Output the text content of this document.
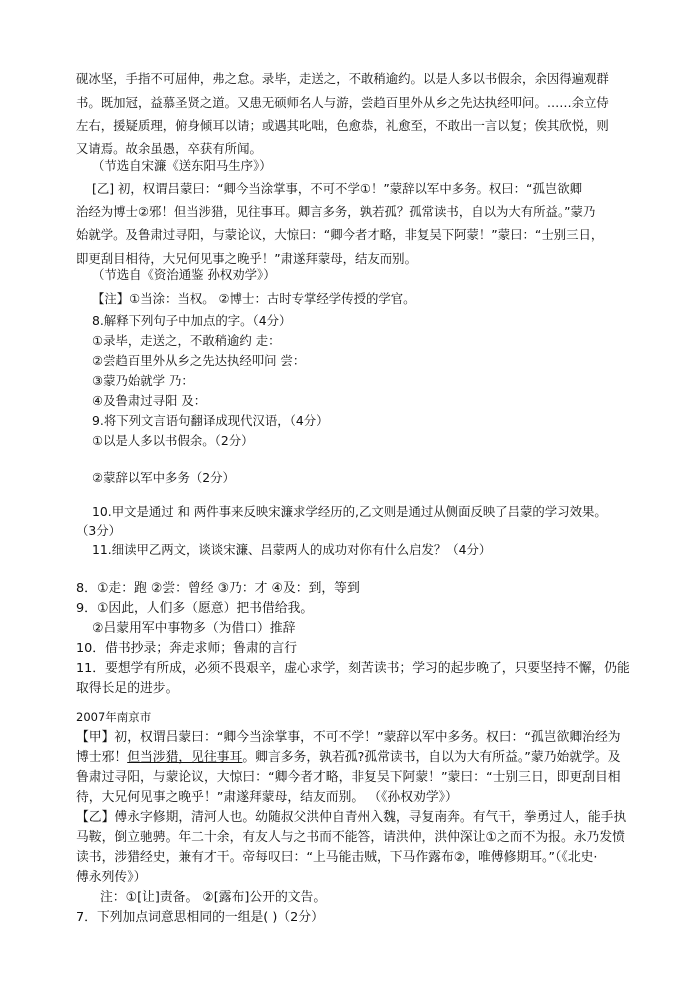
砚冰坚，手指不可屈伸，弗之怠。录毕，走送之，不敢稍逾约。以是人多以书假余，余因得遍观群
书。既加冠，益慕圣贤之道。又患无硕师名人与游，尝趋百里外从乡之先达执经叩问。……余立侍
左右，援疑质理，俯身倾耳以请；或遇其叱咄，色愈恭，礼愈至，不敢出一言以复；俟其欣悦，则
又请焉。故余虽愚，卒获有所闻。
（节选自宋濂《送东阳马生序》）
[乙] 初，权谓吕蒙曰：“卿今当涂掌事，不可不学①！”蒙辞以军中多务。权曰：“孤岂欲卿
治经为博士②邪！但当涉猎，见往事耳。卿言多务，孰若孤？孤常读书，自以为大有所益。”蒙乃
始就学。及鲁肃过寻阳，与蒙论议，大惊曰：“卿今者才略，非复吴下阿蒙！”蒙曰：“士别三日，
即更刮目相待，大兄何见事之晚乎！”肃遂拜蒙母，结友而别。
（节选自《资治通鉴 孙权劝学》）
【注】①当涂：当权。 ②博士：古时专掌经学传授的学官。
8.解释下列句子中加点的字。（4分）
①录毕，走送之，不敢稍逾约 走：
②尝趋百里外从乡之先达执经叩问 尝：
③蒙乃始就学 乃：
④及鲁肃过寻阳 及：
9.将下列文言语句翻译成现代汉语，（4分）
①以是人多以书假余。（2分）
②蒙辞以军中多务（2分）
10.甲文是通过 和 两件事来反映宋濂求学经历的,乙文则是通过从侧面反映了吕蒙的学习效果。
（3分）
11.细读甲乙两文，谈谈宋濂、吕蒙两人的成功对你有什么启发？（4分）
8．①走：跑 ②尝：曾经 ③乃：才 ④及：到，等到
9．①因此，人们多（愿意）把书借给我。
②吕蒙用军中事物多（为借口）推辞
10．借书抄录；奔走求师；鲁肃的言行
11．要想学有所成，必须不畏艰辛，虚心求学，刻苦读书；学习的起步晚了，只要坚持不懈，仍能
取得长足的进步。
2007年南京市
【甲】初，权谓吕蒙曰：“卿今当涂掌事，不可不学！”蒙辞以军中多务。权曰：“孤岂欲卿治经为
博士邪！但当涉猎，见往事耳。卿言多务，孰若孤?孤常读书，自以为大有所益。”蒙乃始就学。及
鲁肃过寻阳，与蒙论议，大惊曰：“卿今者才略，非复吴下阿蒙！”蒙曰：“士别三日，即更刮目相
待，大兄何见事之晚乎！”肃遂拜蒙母，结友而别。 （《孙权劝学》）
【乙】傅永字修期，清河人也。幼随叔父洪仲自青州入魏，寻复南奔。有气干，拳勇过人，能手执
马鞍，倒立驰骋。年二十余，有友人与之书而不能答，请洪仲，洪仲深让①之而不为报。永乃发愤
读书，涉猎经史，兼有才干。帝每叹曰：“上马能击贼，下马作露布②，唯傅修期耳。”（《北史·
傅永列传》）
注：①[让]责备。 ②[露布]公开的文告。
7．下列加点词意思相同的一组是( )（2分）
